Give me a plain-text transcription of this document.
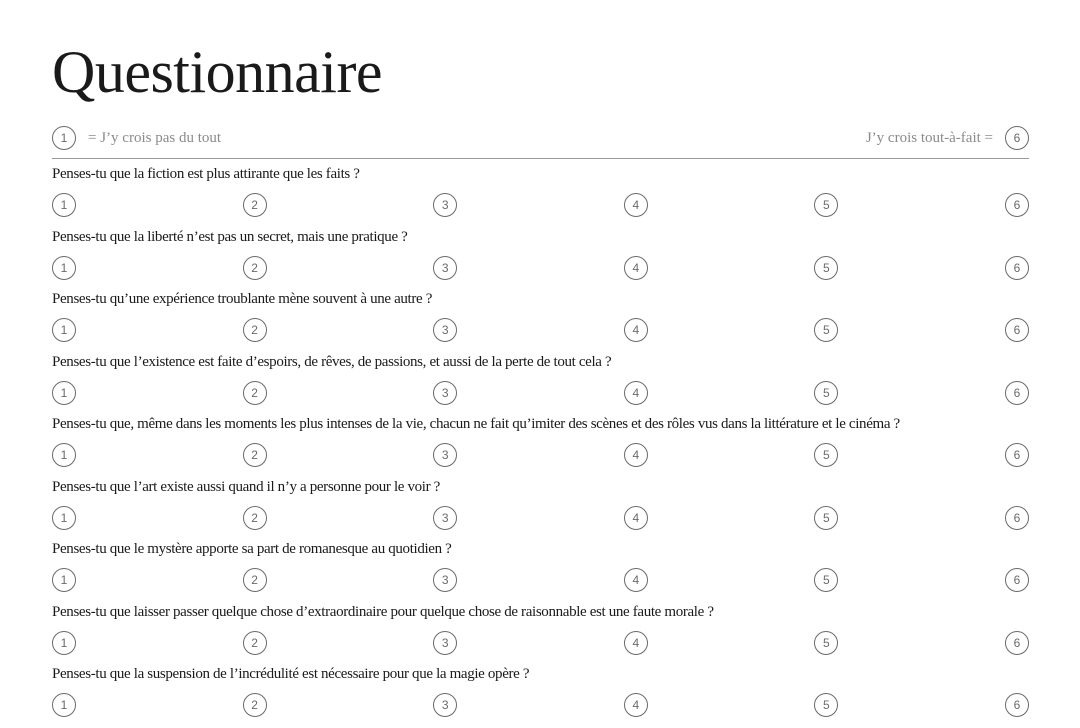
Questionnaire
1	= J’y crois pas du tout	J’y crois tout-à-fait =	6
Penses-tu que la fiction est plus attirante que les faits ?
1	2	3	4	5	6
Penses-tu que la liberté n’est pas un secret, mais une pratique ?
1	2	3	4	5	6
Penses-tu qu’une expérience troublante mène souvent à une autre ?
1	2	3	4	5	6
Penses-tu que l’existence est faite d’espoirs, de rêves, de passions, et aussi de la perte de tout cela ?
1	2	3	4	5	6
Penses-tu que, même dans les moments les plus intenses de la vie, chacun ne fait qu’imiter des scènes et des rôles vus dans la littérature et le cinéma ?
1	2	3	4	5	6
Penses-tu que l’art existe aussi quand il n’y a personne pour le voir ?
1	2	3	4	5	6
Penses-tu que le mystère apporte sa part de romanesque au quotidien ?
1	2	3	4	5	6
Penses-tu que laisser passer quelque chose d’extraordinaire pour quelque chose de raisonnable est une faute morale ?
1	2	3	4	5	6
Penses-tu que la suspension de l’incrédulité est nécessaire pour que la magie opère ?
1	2	3	4	5	6
